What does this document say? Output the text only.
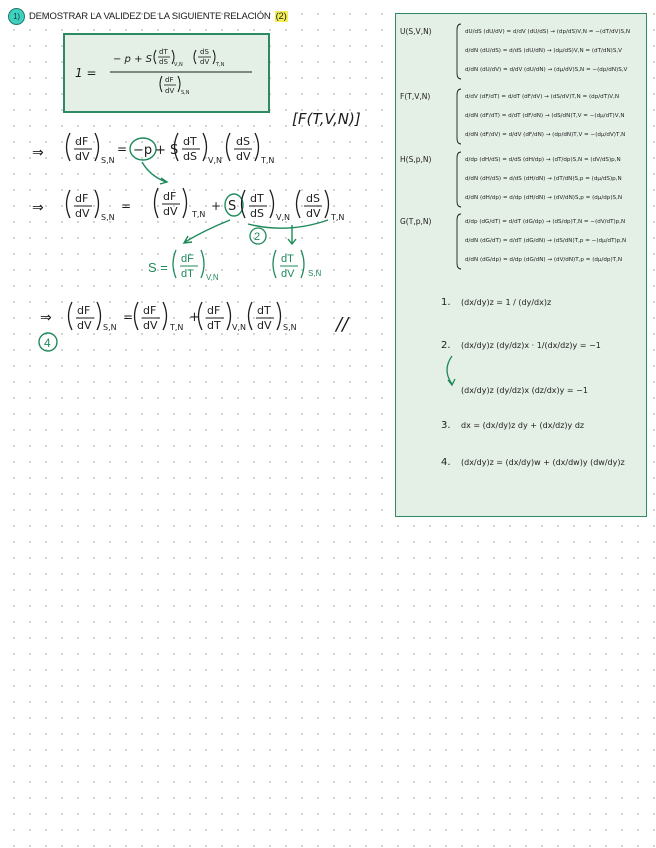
1) DEMOSTRAR LA VALIDEZ DE LA SIGUIENTE RELACIÓN (2)
1 =
− p + S
dT
dS V,N
dS
dV T,N
dF
dV S,N
[F(T,V,N)]
⇒
dF
dV S,N
= −p + S
dT
dS V,N
dS
dV T,N
⇒
dF
dV S,N
=
dF
dV T,N
+ S
dT
dS V,N
dS
dV T,N
2
S =
dF
dT V,N
dT
dV S,N
⇒ dF
dV S,N
= dF
dV T,N
+ dF
dT V,N
dT
dV S,N //
4
U(S,V,N)	dU/dS (dU/dV) = d/dV (dU/dS) → (dp/dS)V,N = −(dT/dV)S,N
d/dN (dU/dS) = d/dS (dU/dN) → (dμ/dS)V,N = (dT/dN)S,V
d/dN (dU/dV) = d/dV (dU/dN) → (dμ/dV)S,N = −(dp/dN)S,V
F(T,V,N)	d/dV (dF/dT) = d/dT (dF/dV) → (dS/dV)T,N = (dp/dT)V,N
d/dN (dF/dT) = d/dT (dF/dN) → (dS/dN)T,V = −(dμ/dT)V,N
d/dN (dF/dV) = d/dV (dF/dN) → (dp/dN)T,V = −(dμ/dV)T,N
H(S,p,N)	d/dp (dH/dS) = d/dS (dH/dp) → (dT/dp)S,N = (dV/dS)p,N
d/dN (dH/dS) = d/dS (dH/dN) → (dT/dN)S,p = (dμ/dS)p,N
d/dN (dH/dp) = d/dp (dH/dN) → (dV/dN)S,p = (dμ/dp)S,N
G(T,p,N)	d/dp (dG/dT) = d/dT (dG/dp) → (dS/dp)T,N = −(dV/dT)p,N
d/dN (dG/dT) = d/dT (dG/dN) → (dS/dN)T,p = −(dμ/dT)p,N
d/dN (dG/dp) = d/dp (dG/dN) → (dV/dN)T,p = (dμ/dp)T,N
1. (dx/dy)z = 1 / (dy/dx)z
2. (dx/dy)z (dy/dz)x · 1/(dx/dz)y = −1
(dx/dy)z (dy/dz)x (dz/dx)y = −1
3. dx = (dx/dy)z dy + (dx/dz)y dz
4. (dx/dy)z = (dx/dy)w + (dx/dw)y (dw/dy)z
